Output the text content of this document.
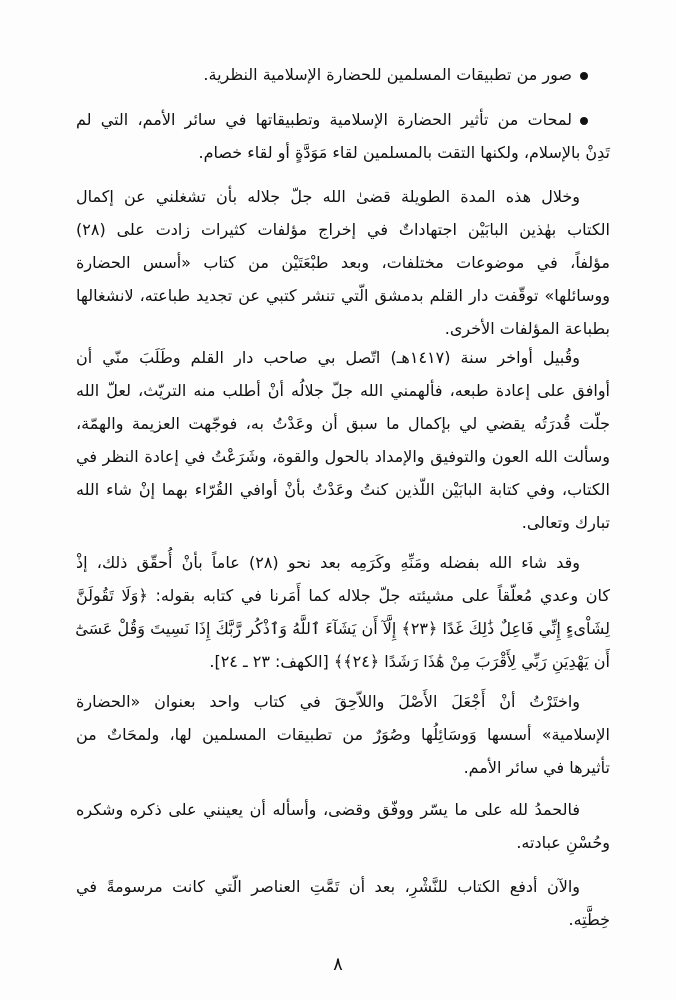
صور من تطبيقات المسلمين للحضارة الإسلامية النظرية.
لمحات من تأثير الحضارة الإسلامية وتطبيقاتها في سائر الأمم، التي لم
تَدِنْ بالإسلام، ولكنها التقت بالمسلمين لقاء مَوَدَّةٍ أو لقاء خصام.
وخلال هذه المدة الطويلة قضىٰ الله جلّ جلاله بأن تشغلني عن إكمال
الكتاب بهٰذين البابَيْن اجتهاداتٌ في إخراج مؤلفات كثيرات زادت على (٢٨)
مؤلفاً، في موضوعات مختلفات، وبعد طبْعَتَيْن من كتاب «أسس الحضارة
ووسائلها» توقّفت دار القلم بدمشق الّتي تنشر كتبي عن تجديد طباعته، لانشغالها
بطباعة المؤلفات الأخرى.
وقُبيل أواخر سنة (١٤١٧هـ) اتّصل بي صاحب دار القلم وطَلَبَ منّي أن
أوافق على إعادة طبعه، فألهمني الله جلّ جلالُه أنْ أطلب منه التريّث، لعلّ الله
جلّت قُدرَتُه يقضي لي بإكمال ما سبق أن وعَدْتُ به، فوجّهت العزيمة والهمّة،
وسألت الله العون والتوفيق والإمداد بالحول والقوة، وشَرَعْتُ في إعادة النظر في
الكتاب، وفي كتابة البابَيْن اللّذين كنتُ وعَدْتُ بأنْ أوافي القُرّاء بهما إنْ شاء الله
تبارك وتعالى.
وقد شاء الله بفضله ومَنِّهِ وكَرَمِه بعد نحو (٢٨) عاماً بأنْ أُحقّق ذلك، إذْ
كان وعدي مُعلّقاً على مشيئته جلّ جلاله كما أَمَرنا في كتابه بقوله: ﴿وَلَا تَقُولَنَّ
لِشَاْىءٍ إِنِّي فَاعِلٌ ذَٰلِكَ غَدًا ﴿٢٣﴾ إِلَّآ أَن يَشَآءَ ٱللَّهُ وَٱذْكُر رَّبَّكَ إِذَا نَسِيتَ وَقُلْ عَسَىٰٓ
أَن يَهْدِيَنِ رَبِّي لِأَقْرَبَ مِنْ هَٰذَا رَشَدًا ﴿٢٤﴾﴾ [الكهف: ٢٣ ـ ٢٤].
واختَرْتُ أنْ أَجْعَلَ الأَصْلَ واللاّحِقَ في كتاب واحد بعنوان «الحضارة
الإسلامية» أسسها وَوسَائِلُها وصُوَرٌ من تطبيقات المسلمين لها، ولمحَاتٌ من
تأثيرها في سائر الأمم.
فالحمدُ لله على ما يسّر ووفّق وقضى، وأسأله أن يعينني على ذكره وشكره
وحُسْنِ عبادته.
والآن أدفع الكتاب للنَّشْرِ، بعد أن تَمَّتِ العناصر الّتي كانت مرسومةً في
خِطَّتِه.
٨
